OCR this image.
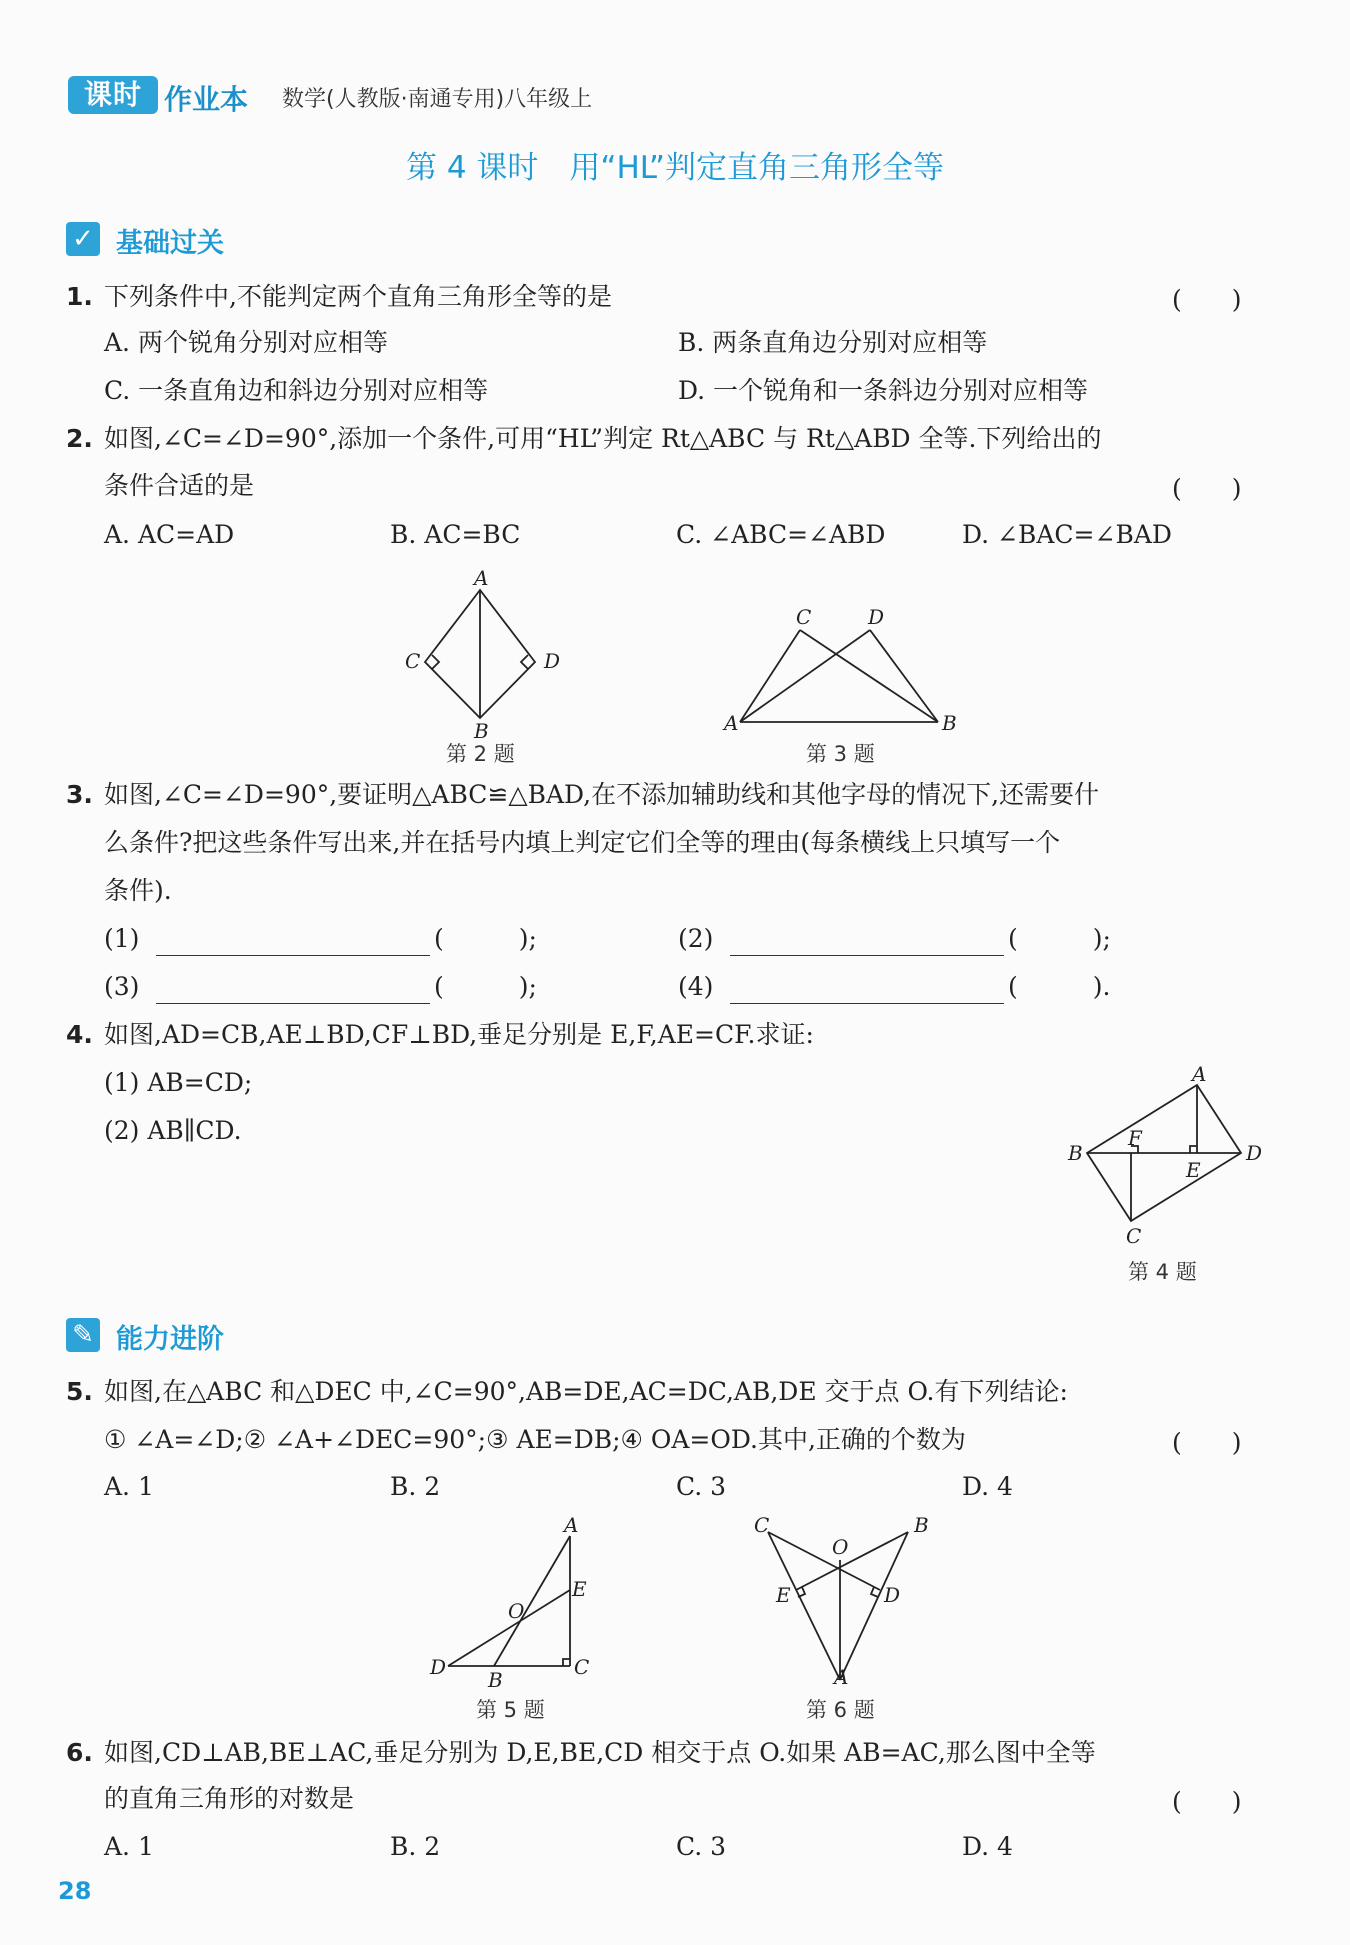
课时 作业本 数学(人教版·南通专用)八年级上
第 4 课时　用“HL”判定直角三角形全等
✓ 基础过关
1. 下列条件中,不能判定两个直角三角形全等的是	(　　)
A. 两个锐角分别对应相等	B. 两条直角边分别对应相等
C. 一条直角边和斜边分别对应相等	D. 一个锐角和一条斜边分别对应相等
2. 如图,∠C=∠D=90°,添加一个条件,可用“HL”判定 Rt△ABC 与 Rt△ABD 全等.下列给出的
条件合适的是	(　　)
A. AC=AD	B. AC=BC	C. ∠ABC=∠ABD	D. ∠BAC=∠BAD
A
C	D
B
第 2 题
C	D
A	B
第 3 题
3. 如图,∠C=∠D=90°,要证明△ABC≌△BAD,在不添加辅助线和其他字母的情况下,还需要什
么条件?把这些条件写出来,并在括号内填上判定它们全等的理由(每条横线上只填写一个
条件).
(1)	(　　　);	(2)	(　　　);
(3)	(　　　);	(4)	(　　　).
4. 如图,AD=CB,AE⊥BD,CF⊥BD,垂足分别是 E,F,AE=CF.求证:
(1) AB=CD;
(2) AB∥CD.
A
B	D
C
F
E
第 4 题
✎ 能力进阶
5. 如图,在△ABC 和△DEC 中,∠C=90°,AB=DE,AC=DC,AB,DE 交于点 O.有下列结论:
① ∠A=∠D;② ∠A+∠DEC=90°;③ AE=DB;④ OA=OD.其中,正确的个数为	(　　)
A. 1	B. 2	C. 3	D. 4
A
E
O
D
B
C
第 5 题
C	B
O
E	D
A
第 6 题
6. 如图,CD⊥AB,BE⊥AC,垂足分别为 D,E,BE,CD 相交于点 O.如果 AB=AC,那么图中全等
的直角三角形的对数是	(　　)
A. 1	B. 2	C. 3	D. 4
28
